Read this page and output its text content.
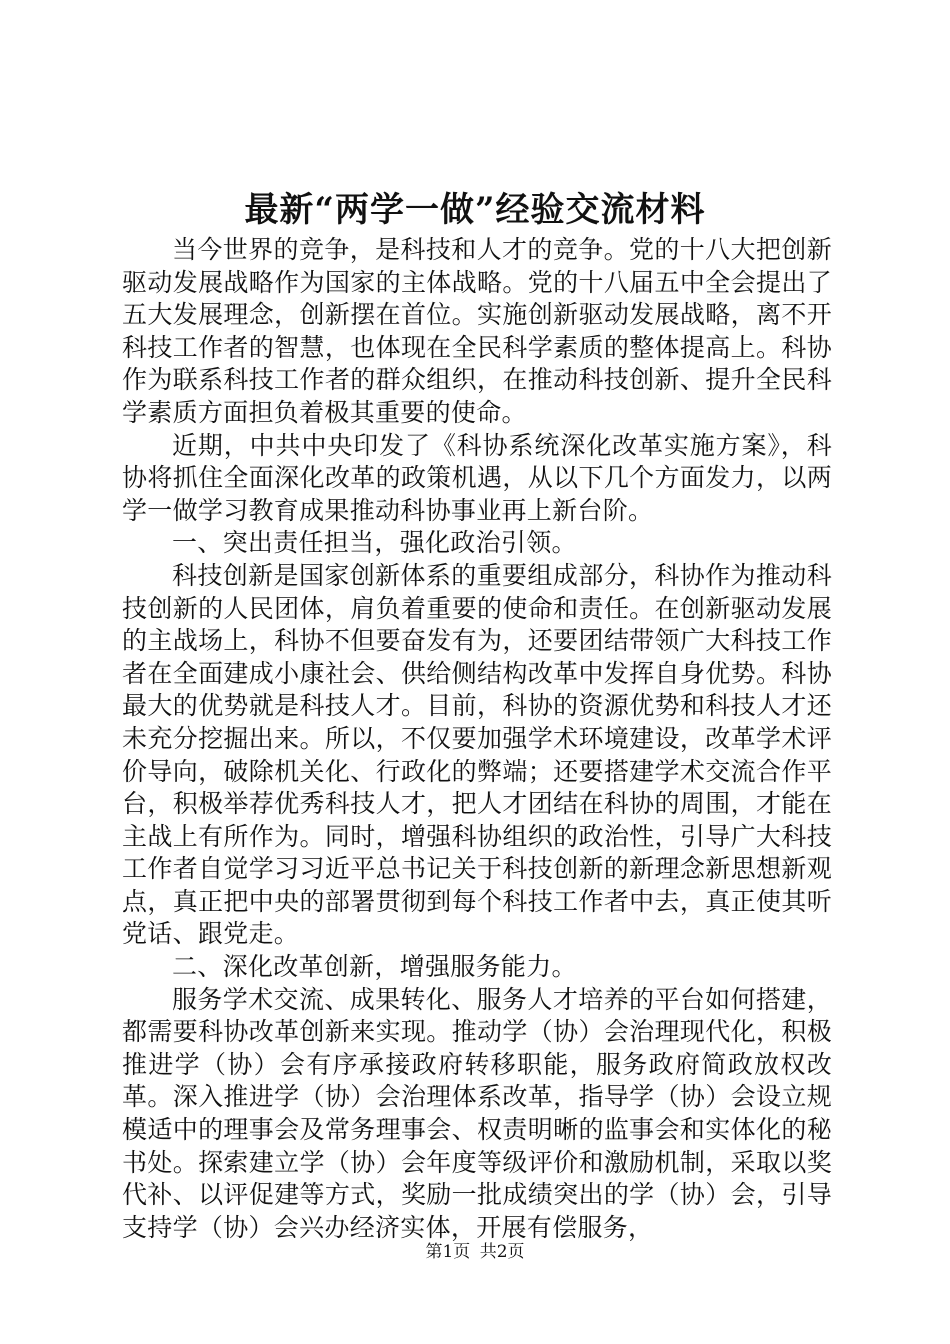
最新“两学一做”经验交流材料

当今世界的竞争，是科技和人才的竞争。党的十八大把创新驱动发展战略作为国家的主体战略。党的十八届五中全会提出了五大发展理念，创新摆在首位。实施创新驱动发展战略，离不开科技工作者的智慧，也体现在全民科学素质的整体提高上。科协作为联系科技工作者的群众组织，在推动科技创新、提升全民科学素质方面担负着极其重要的使命。

近期，中共中央印发了《科协系统深化改革实施方案》，科协将抓住全面深化改革的政策机遇，从以下几个方面发力，以两学一做学习教育成果推动科协事业再上新台阶。

一、突出责任担当，强化政治引领。

科技创新是国家创新体系的重要组成部分，科协作为推动科技创新的人民团体，肩负着重要的使命和责任。在创新驱动发展的主战场上，科协不但要奋发有为，还要团结带领广大科技工作者在全面建成小康社会、供给侧结构改革中发挥自身优势。科协最大的优势就是科技人才。目前，科协的资源优势和科技人才还未充分挖掘出来。所以，不仅要加强学术环境建设，改革学术评价导向，破除机关化、行政化的弊端；还要搭建学术交流合作平台，积极举荐优秀科技人才，把人才团结在科协的周围，才能在主战上有所作为。同时，增强科协组织的政治性，引导广大科技工作者自觉学习习近平总书记关于科技创新的新理念新思想新观点，真正把中央的部署贯彻到每个科技工作者中去，真正使其听党话、跟党走。

二、深化改革创新，增强服务能力。

服务学术交流、成果转化、服务人才培养的平台如何搭建，都需要科协改革创新来实现。推动学（协）会治理现代化，积极推进学（协）会有序承接政府转移职能，服务政府简政放权改革。深入推进学（协）会治理体系改革，指导学（协）会设立规模适中的理事会及常务理事会、权责明晰的监事会和实体化的秘书处。探索建立学（协）会年度等级评价和激励机制，采取以奖代补、以评促建等方式，奖励一批成绩突出的学（协）会，引导支持学（协）会兴办经济实体，开展有偿服务，

第1页 共2页
